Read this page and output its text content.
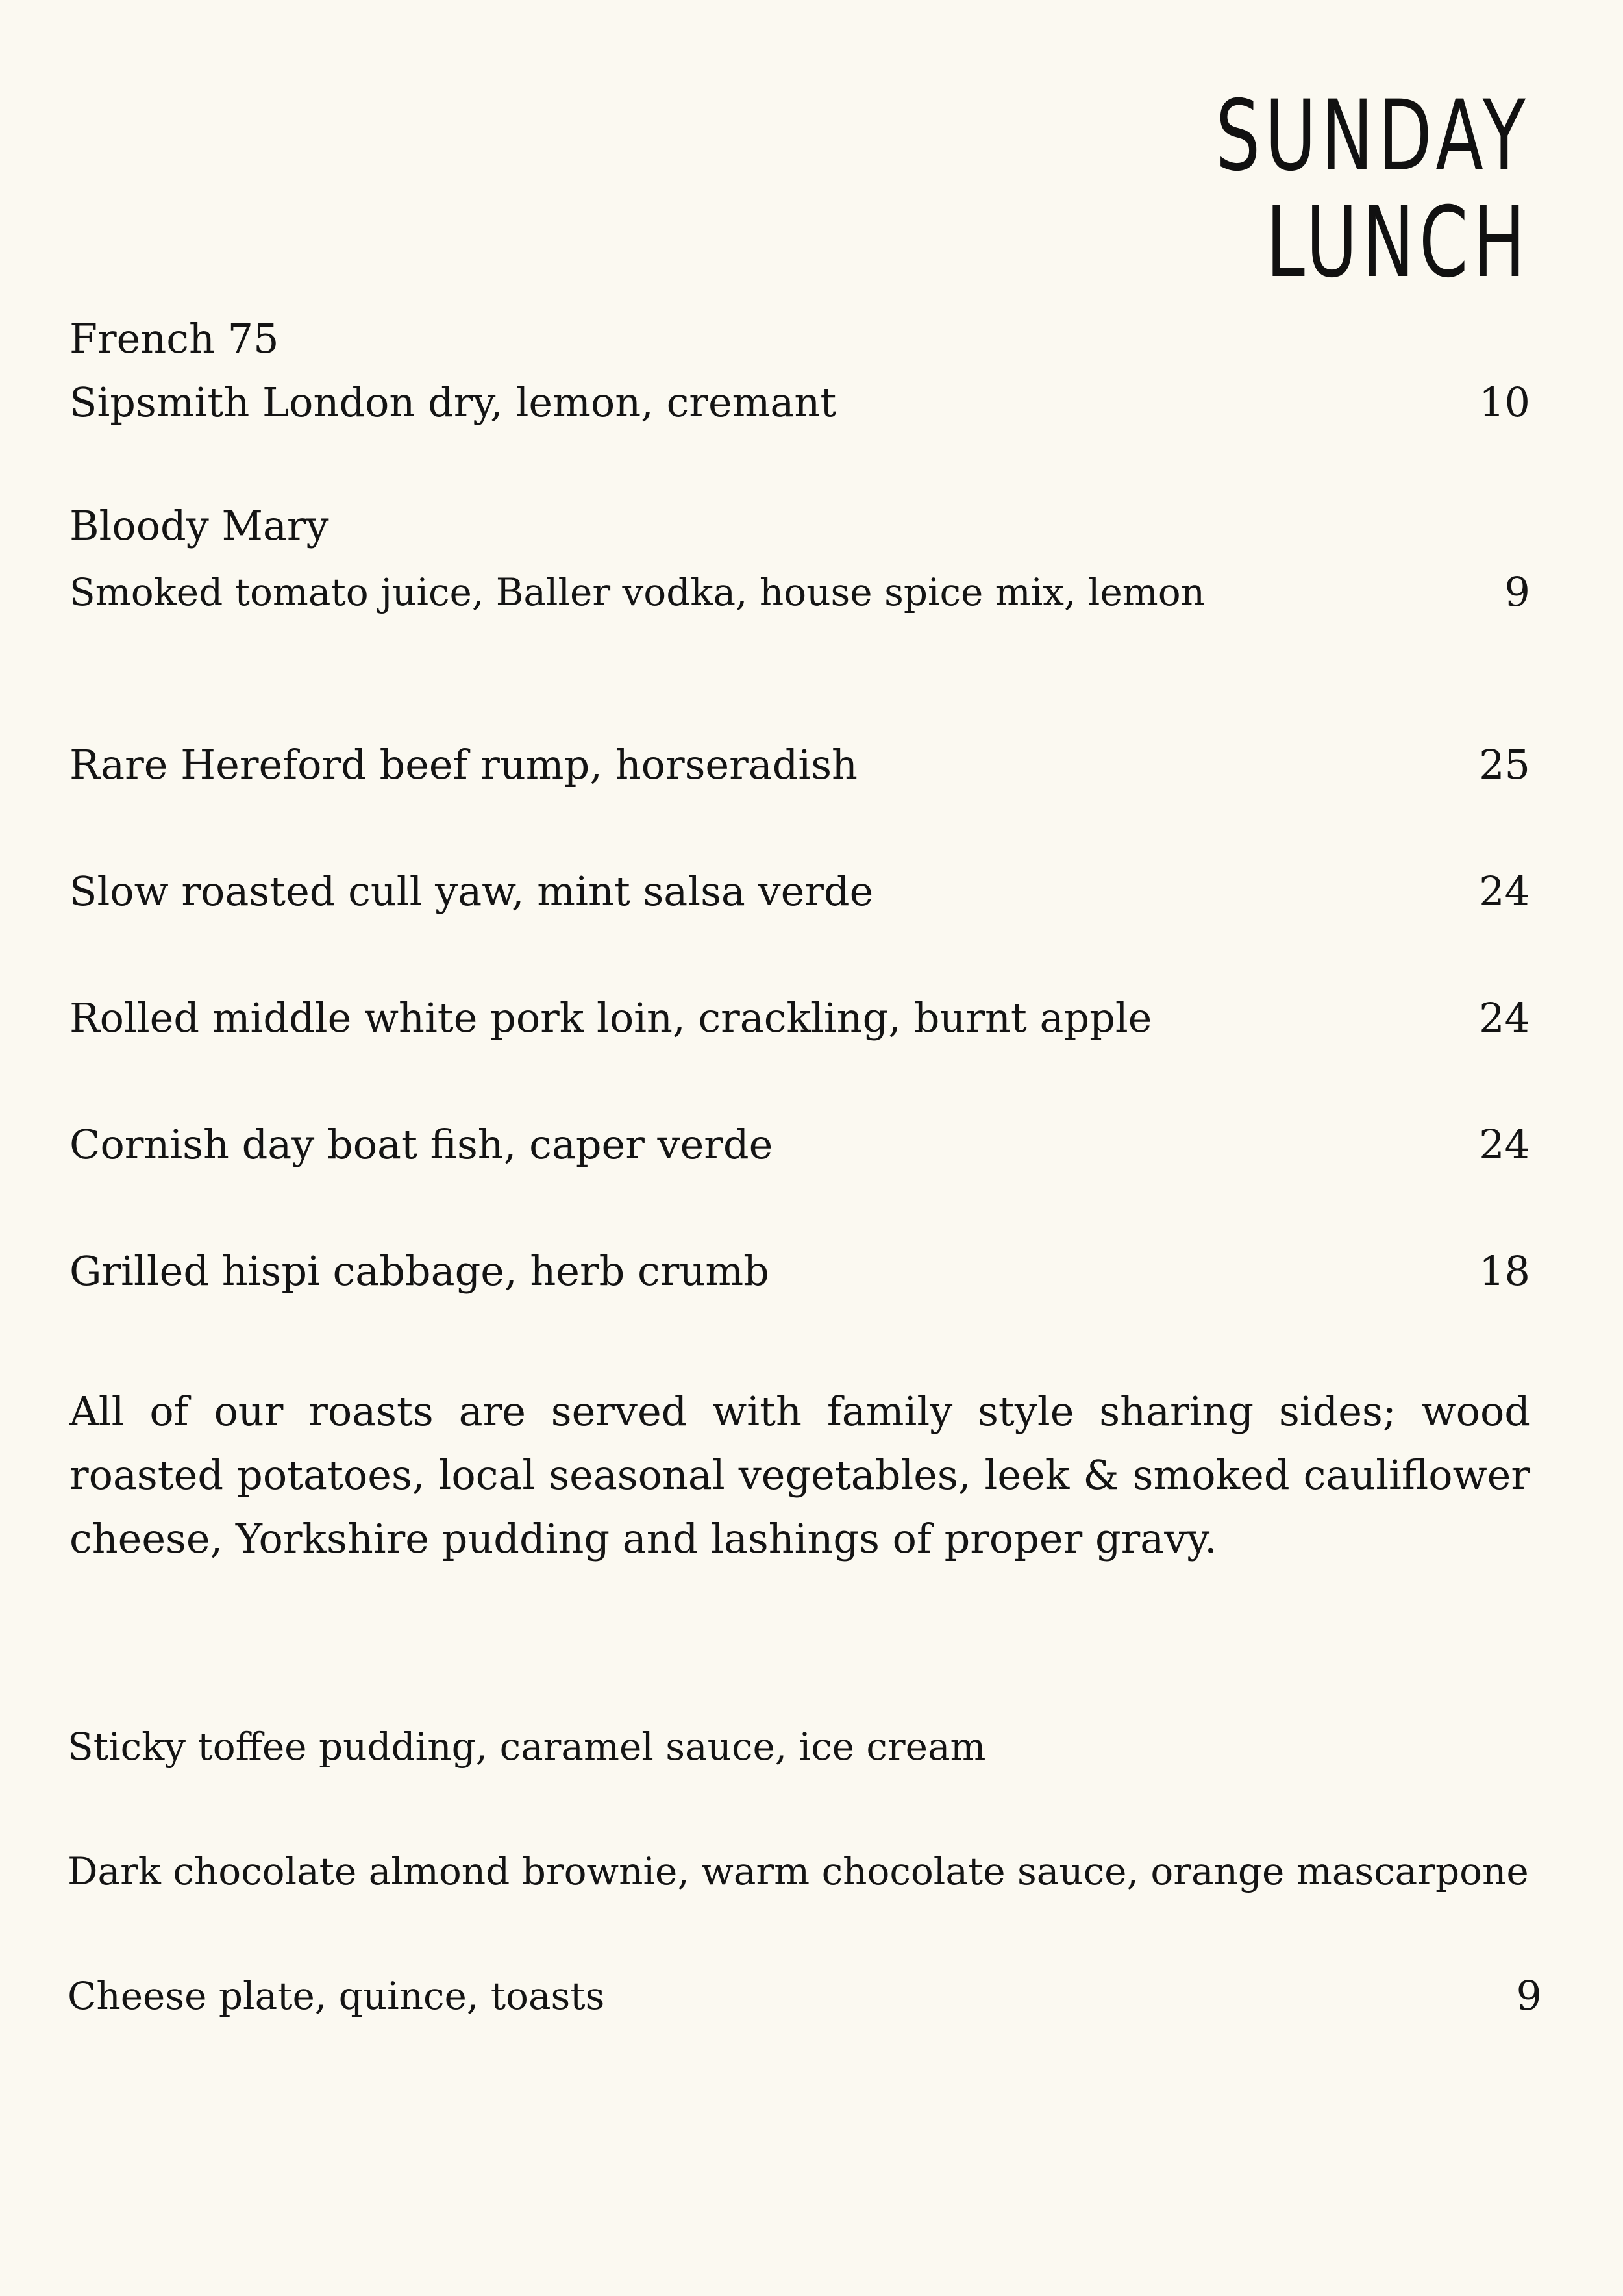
SUNDAY
LUNCH
French 75
Sipsmith London dry, lemon, cremant	10
Bloody Mary
Smoked tomato juice, Baller vodka, house spice mix, lemon	9
Rare Hereford beef rump, horseradish	25
Slow roasted cull yaw, mint salsa verde	24
Rolled middle white pork loin, crackling, burnt apple	24
Cornish day boat fish, caper verde	24
Grilled hispi cabbage, herb crumb	18

All of our roasts are served with family style sharing sides; wood roasted potatoes, local seasonal vegetables, leek & smoked cauliflower cheese, Yorkshire pudding and lashings of proper gravy.

Sticky toffee pudding, caramel sauce, ice cream
Dark chocolate almond brownie, warm chocolate sauce, orange mascarpone
Cheese plate, quince, toasts	9
